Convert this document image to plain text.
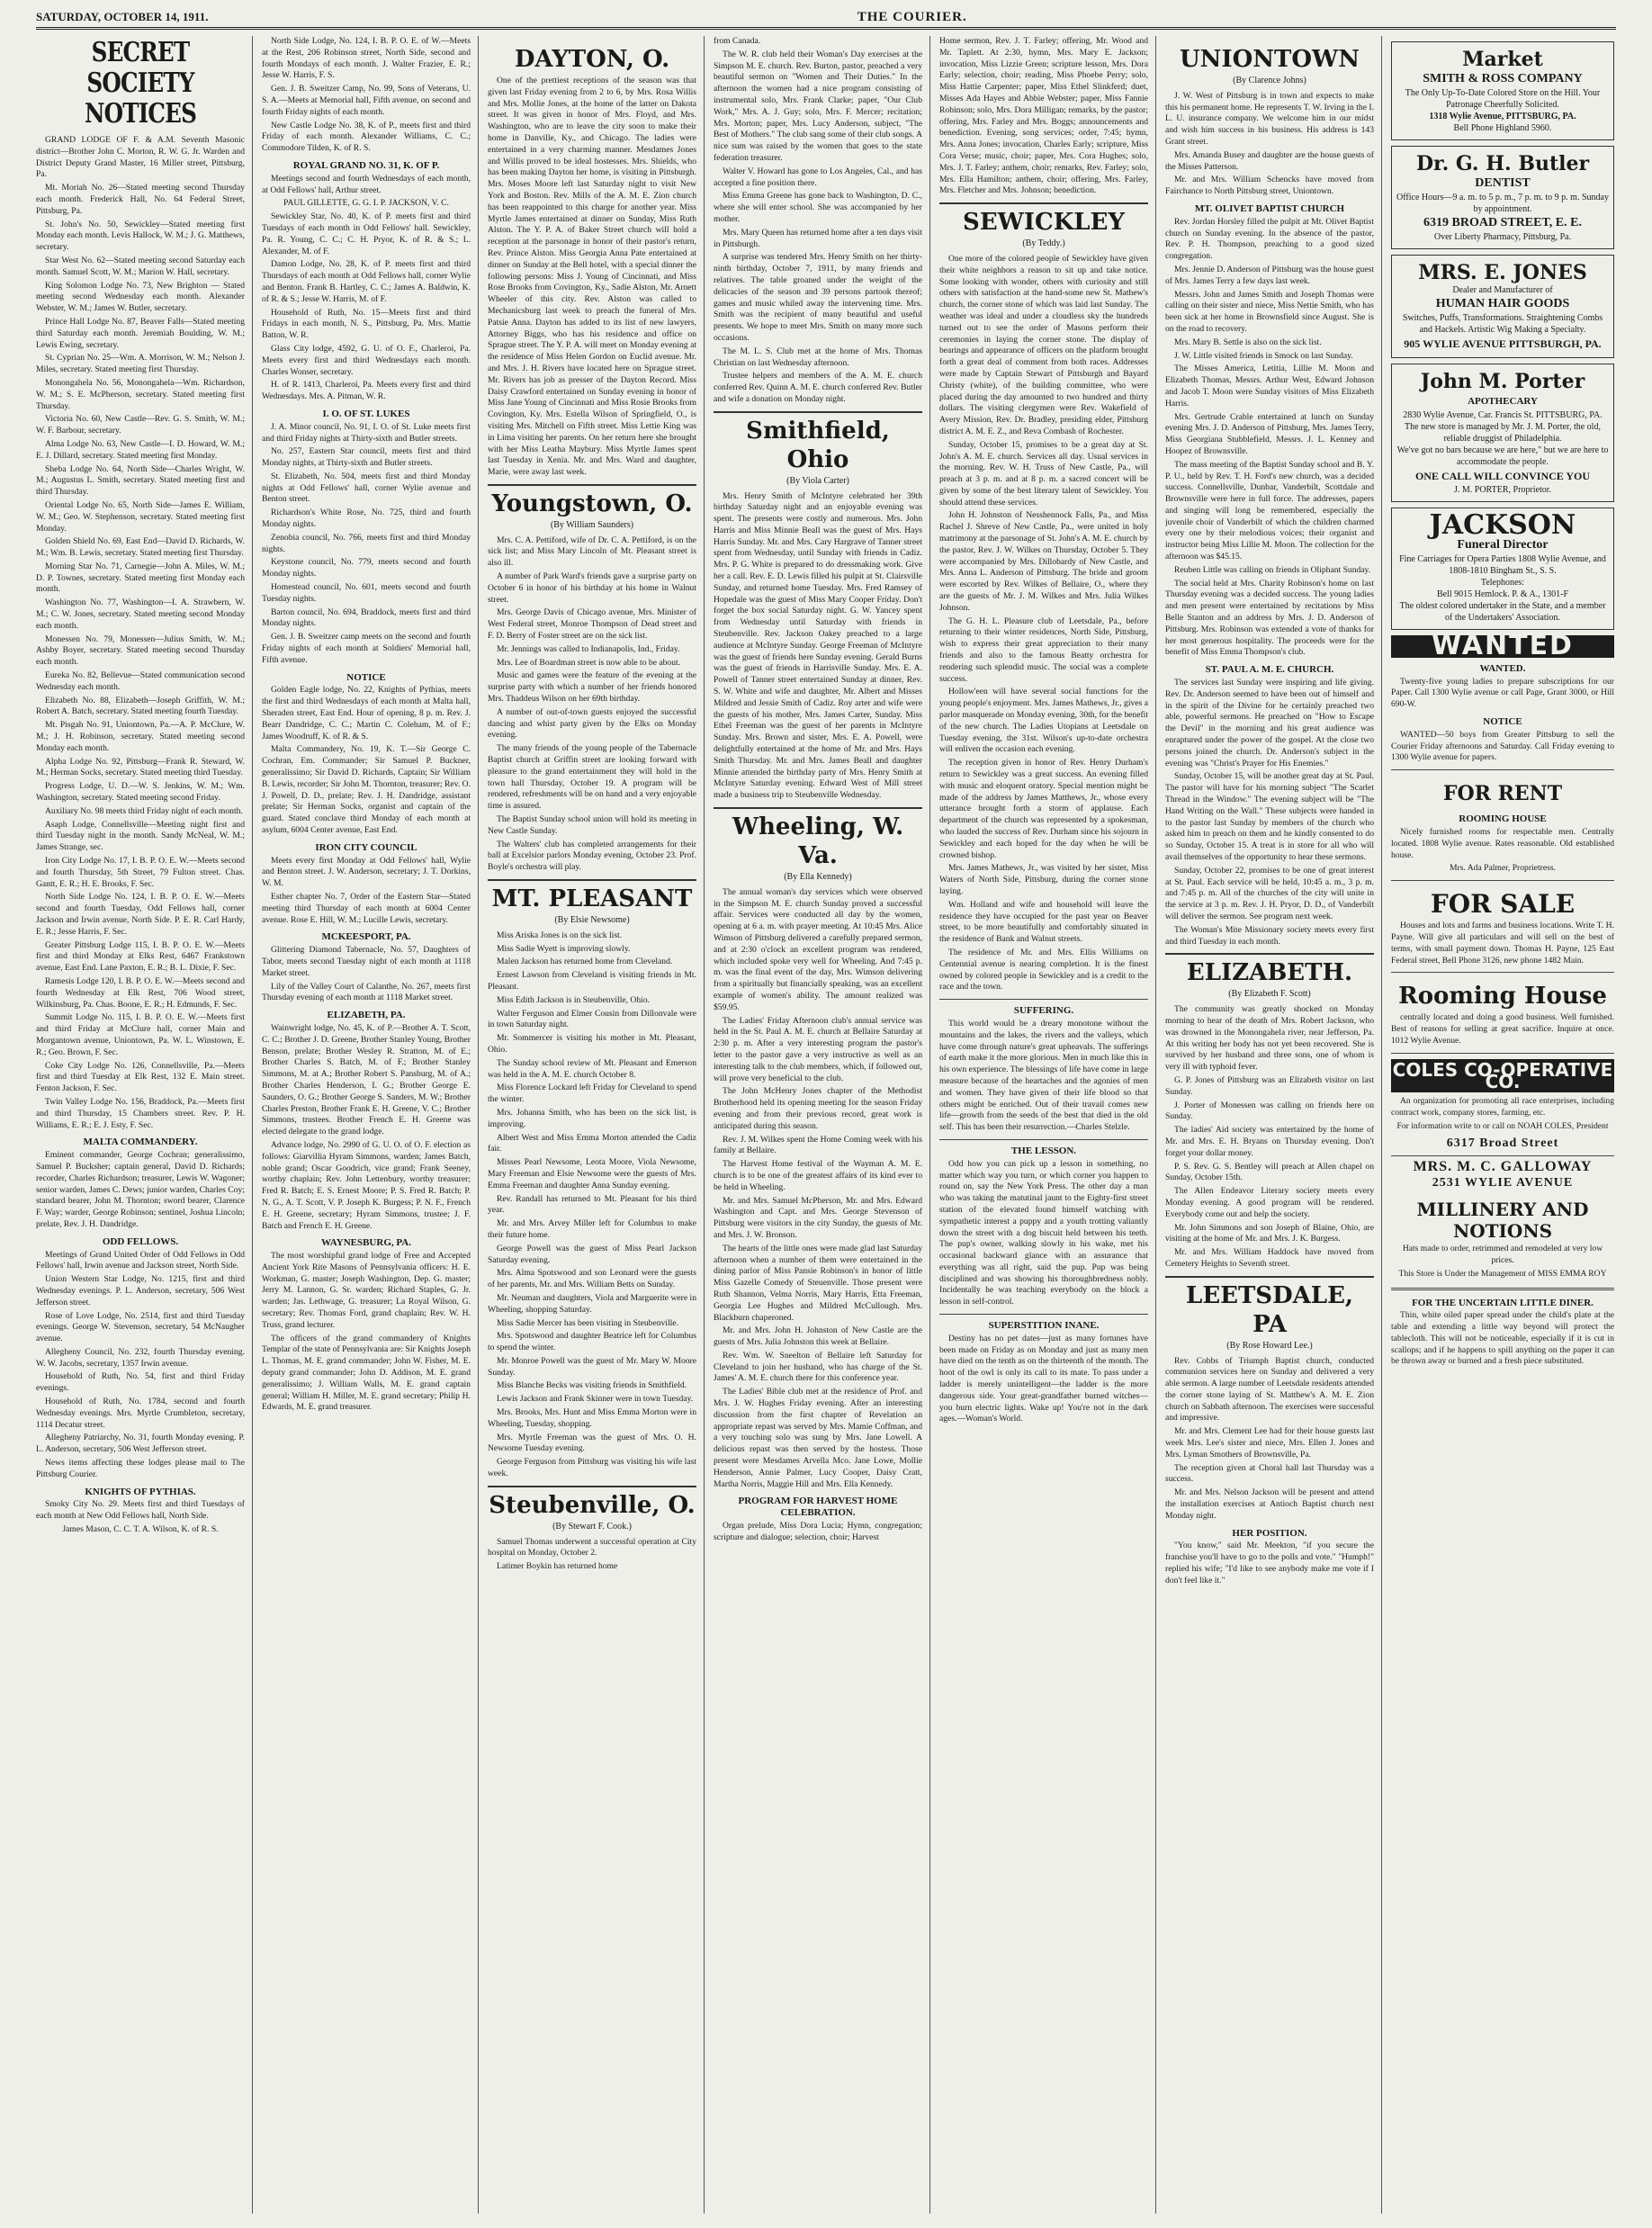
SATURDAY, OCTOBER 14, 1911.	THE COURIER.
SECRET SOCIETY NOTICES

GRAND LODGE OF F. & A.M. Seventh Masonic district—Brother John C. Morton, R. W. G. Jr. Warden and District Deputy Grand Master, 16 Miller street, Pittsburg, Pa.

Mt. Moriah No. 26—Stated meeting second Thursday each month. Frederick Hall, No. 64 Federal Street, Pittsburg, Pa.

St. John's No. 50, Sewickley—Stated meeting first Monday each month. Levis Hallock, W. M.; J. G. Matthews, secretary.

Star West No. 62—Stated meeting second Saturday each month. Samuel Scott, W. M.; Marion W. Hall, secretary.

King Solomon Lodge No. 73, New Brighton — Stated meeting second Wednesday each month. Alexander Webster, W. M.; James W. Butler, secretary.

Prince Hall Lodge No. 87, Beaver Falls—Stated meeting third Saturday each month. Jeremiah Boulding, W. M.; Lewis Ewing, secretary.

St. Cyprian No. 25—Wm. A. Morrison, W. M.; Nelson J. Miles, secretary. Stated meeting first Thursday.

Monongahela No. 56, Monongahela—Wm. Richardson, W. M.; S. E. McPherson, secretary. Stated meeting first Thursday.

Victoria No. 60, New Castle—Rev. G. S. Smith, W. M.; W. F. Barbour, secretary.

Alma Lodge No. 63, New Castle—I. D. Howard, W. M.; E. J. Dillard, secretary. Stated meeting first Monday.

Sheba Lodge No. 64, North Side—Charles Wright, W. M.; Augustus L. Smith, secretary. Stated meeting first and third Thursday.

Oriental Lodge No. 65, North Side—James E. William, W. M.; Geo. W. Stephenson, secretary. Stated meeting first Monday.

Golden Shield No. 69, East End—David D. Richards, W. M.; Wm. B. Lewis, secretary. Stated meeting first Thursday.

Morning Star No. 71, Carnegie—John A. Miles, W. M.; D. P. Townes, secretary. Stated meeting first Monday each month.

Washington No. 77, Washington—I. A. Strawbern, W. M.; C. W. Jones, secretary. Stated meeting second Monday each month.

Monessen No. 79, Monessen—Julius Smith, W. M.; Ashby Boyer, secretary. Stated meeting second Thursday each month.

Eureka No. 82, Bellevue—Stated communication second Wednesday each month.

Elizabeth No. 88, Elizabeth—Joseph Griffith, W. M.; Robert A. Batch, secretary. Stated meeting fourth Tuesday.

Mt. Pisgah No. 91, Uniontown, Pa.—A. P. McClure, W. M.; J. H. Robinson, secretary. Stated meeting second Monday each month.

Alpha Lodge No. 92, Pittsburg—Frank R. Steward, W. M.; Herman Socks, secretary. Stated meeting third Tuesday.

Progress Lodge, U. D.—W. S. Jenkins, W. M.; Wm. Washington, secretary. Stated meeting second Friday.

Auxiliary No. 98 meets third Friday night of each month.

Asaph Lodge, Connellsville—Meeting night first and third Tuesday night in the month. Sandy McNeal, W. M.; James Strange, sec.

Iron City Lodge No. 17, I. B. P. O. E. W.—Meets second and fourth Thursday, 5th Street, 79 Fulton street. Chas. Gantt, E. R.; H. E. Brooks, F. Sec.

North Side Lodge No. 124, I. B. P. O. E. W.—Meets second and fourth Tuesday, Odd Fellows hall, corner Jackson and Irwin avenue, North Side. P. E. R. Carl Hardy, E. R.; Jesse Harris, F. Sec.

Greater Pittsburg Lodge 115, I. B. P. O. E. W.—Meets first and third Monday at Elks Rest, 6467 Frankstown avenue, East End. Lane Paxton, E. R.; B. L. Dixie, F. Sec.

Ramesis Lodge 120, I. B. P. O. E. W.—Meets second and fourth Wednesday at Elk Rest, 706 Wood street, Wilkinsburg, Pa. Chas. Boone, E. R.; H. Edmunds, F. Sec.

Summit Lodge No. 115, I. B. P. O. E. W.—Meets first and third Friday at McClure hall, corner Main and Morgantown avenue, Uniontown, Pa. W. L. Winstown, E. R.; Geo. Brown, F. Sec.

Coke City Lodge No. 126, Connellsville, Pa.—Meets first and third Tuesday at Elk Rest, 132 E. Main street. Fenton Jackson, F. Sec.

Twin Valley Lodge No. 156, Braddock, Pa.—Meets first and third Thursday, 15 Chambers street. Rev. P. H. Williams, E. R.; E. J. Esty, F. Sec.

MALTA COMMANDERY.

Eminent commander, George Cochran; generalissimo, Samuel P. Bucksher; captain general, David D. Richards; recorder, Charles Richardson; treasurer, Lewis W. Wagoner; senior warden, James C. Dews; junior warden, Charles Coy; standard bearer, John M. Thornton; sword bearer, Clarence F. Way; warder, George Robinson; sentinel, Joshua Lincoln; prelate, Rev. J. H. Dandridge.

ODD FELLOWS.

Meetings of Grand United Order of Odd Fellows in Odd Fellows' hall, Irwin avenue and Jackson street, North Side.

Union Western Star Lodge, No. 1215, first and third Wednesday evenings. P. L. Anderson, secretary, 506 West Jefferson street.

Rose of Love Lodge, No. 2514, first and third Tuesday evenings. George W. Stevenson, secretary, 54 McNaugher avenue.

Allegheny Council, No. 232, fourth Thursday evening. W. W. Jacobs, secretary, 1357 Irwin avenue.

Household of Ruth, No. 54, first and third Friday evenings.

Household of Ruth, No. 1784, second and fourth Wednesday evenings. Mrs. Myrtle Crumbleton, secretary, 1114 Decatur street.

Allegheny Patriarchy, No. 31, fourth Monday evening. P. L. Anderson, secretary, 506 West Jefferson street.

News items affecting these lodges please mail to The Pittsburg Courier.

KNIGHTS OF PYTHIAS.

Smoky City No. 29. Meets first and third Tuesdays of each month at New Odd Fellows hall, North Side.

James Mason, C. C. T. A. Wilson, K. of R. S.

North Side Lodge, No. 124, I. B. P. O. E. of W.—Meets at the Rest, 206 Robinson street, North Side, second and fourth Mondays of each month. J. Walter Frazier, E. R.; Jesse W. Harris, F. S.

Gen. J. B. Sweitzer Camp, No. 99, Sons of Veterans, U. S. A.—Meets at Memorial hall, Fifth avenue, on second and fourth Friday nights of each month.

New Castle Lodge No. 38, K. of P., meets first and third Friday of each month. Alexander Williams, C. C.; Commodore Tilden, K. of R. S.

ROYAL GRAND NO. 31, K. OF P.

Meetings second and fourth Wednesdays of each month, at Odd Fellows' hall, Arthur street.

PAUL GILLETTE, G. G. I. P. JACKSON, V. C.

Sewickley Star, No. 40, K. of P. meets first and third Tuesdays of each month in Odd Fellows' hall. Sewickley, Pa. R. Young, C. C.; C. H. Pryor, K. of R. & S.; L. Alexander, M. of F.

Damon Lodge, No. 28, K. of P. meets first and third Thursdays of each month at Odd Fellows hall, corner Wylie and Benton. Frank B. Hartley, C. C.; James A. Baldwin, K. of R. & S.; Jesse W. Harris, M. of F.

Household of Ruth, No. 15—Meets first and third Fridays in each month, N. S., Pittsburg, Pa. Mrs. Mattie Batton, W. R.

Glass City lodge, 4592, G. U. of O. F., Charleroi, Pa. Meets every first and third Wednesdays each month. Charles Wonser, secretary.

H. of R. 1413, Charleroi, Pa. Meets every first and third Wednesdays. Mrs. A. Pitman, W. R.

I. O. OF ST. LUKES

J. A. Minor council, No. 91, I. O. of St. Luke meets first and third Friday nights at Thirty-sixth and Butler streets.

No. 257, Eastern Star council, meets first and third Monday nights, at Thirty-sixth and Butler streets.

St. Elizabeth, No. 504, meets first and third Monday nights at Odd Fellows' hall, corner Wylie avenue and Benton street.

Richardson's White Rose, No. 725, third and fourth Monday nights.

Zenobia council, No. 766, meets first and third Monday nights.

Keystone council, No. 779, meets second and fourth Monday nights.

Homestead council, No. 601, meets second and fourth Tuesday nights.

Barton council, No. 694, Braddock, meets first and third Monday nights.

Gen. J. B. Sweitzer camp meets on the second and fourth Friday nights of each month at Soldiers' Memorial hall, Fifth avenue.

NOTICE

Golden Eagle lodge, No. 22, Knights of Pythias, meets the first and third Wednesdays of each month at Malta hall, Sheraden street, East End. Hour of opening, 8 p. m. Rev. J. Bearr Dandridge, C. C.; Martin C. Coleham, M. of F.; James Woodruff, K. of R. & S.

Malta Commandery, No. 19, K. T.—Sir George C. Cochran, Em. Commander; Sir Samuel P. Buckner, generalissimo; Sir David D. Richards, Captain; Sir William B. Lewis, recorder; Sir John M. Thornton, treasurer; Rev. O. J. Powell, D. D., prelate; Rev. J. H. Dandridge, assistant prelate; Sir Herman Socks, organist and captain of the guard. Stated conclave third Monday of each month at asylum, 6004 Center avenue, East End.

IRON CITY COUNCIL

Meets every first Monday at Odd Fellows' hall, Wylie and Benton street. J. W. Anderson, secretary; J. T. Dorkins, W. M.

Esther chapter No. 7, Order of the Eastern Star—Stated meeting third Thursday of each month at 6004 Center avenue. Rose E. Hill, W. M.; Lucille Lewis, secretary.

MCKEESPORT, PA.

Glittering Diamond Tabernacle, No. 57, Daughters of Tabor, meets second Tuesday night of each month at 1118 Market street.

Lily of the Valley Court of Calanthe, No. 267, meets first Thursday evening of each month at 1118 Market street.

ELIZABETH, PA.

Wainwright lodge, No. 45, K. of P.—Brother A. T. Scott, C. C.; Brother J. D. Greene, Brother Stanley Young, Brother Benson, prelate; Brother Wesley R. Stratton, M. of E.; Brother Charles S. Batch, M. of F.; Brother Stanley Simmons, M. at A.; Brother Robert S. Pansburg, M. of A.; Brother Charles Henderson, I. G.; Brother George E. Saunders, O. G.; Brother George S. Sanders, M. W.; Brother Charles Preston, Brother Frank E. H. Greene, V. C.; Brother Simmons, trustees. Brother French E. H. Greene was elected delegate to the grand lodge.

Advance lodge, No. 2990 of G. U. O. of O. F. election as follows: Giarvillia Hyram Simmons, warden; James Batch, noble grand; Oscar Goodrich, vice grand; Frank Seeney, worthy chaplain; Rev. John Lettenbury, worthy treasurer; Fred R. Batch; E. S. Ernest Moore; P. S. Fred R. Batch; P. N. G., A. T. Scott, V. P. Joseph K. Burgess; P. N. F., French E. H. Greene, secretary; Hyram Simmons, trustee; J. F. Batch and French E. H. Greene.

WAYNESBURG, PA.

The most worshipful grand lodge of Free and Accepted Ancient York Rite Masons of Pennsylvania officers: H. E. Workman, G. master; Joseph Washington, Dep. G. master; Jerry M. Lannon, G. Sr. warden; Richard Staples, G. Jr. warden; Jas. Lethwage, G. treasurer; La Royal Wilson, G. secretary; Rev. Thomas Ford, grand chaplain; Rev. W. H. Truss, grand lecturer.

The officers of the grand commandery of Knights Templar of the state of Pennsylvania are: Sir Knights Joseph L. Thomas, M. E. grand commander; John W. Fisher, M. E. deputy grand commander; John D. Addison, M. E. grand generalissimo; J. William Walls, M. E. grand captain general; William H. Miller, M. E. grand secretary; Philip H. Edwards, M. E. grand treasurer.

DAYTON, O.

One of the prettiest receptions of the season was that given last Friday evening from 2 to 6, by Mrs. Rosa Willis and Mrs. Mollie Jones, at the home of the latter on Dakota street. It was given in honor of Mrs. Floyd, and Mrs. Washington, who are to leave the city soon to make their home in Danville, Ky., and Chicago. The ladies were entertained in a very charming manner. Mesdames Jones and Willis proved to be ideal hostesses. Mrs. Shields, who has been making Dayton her home, is visiting in Pittsburgh. Mrs. Moses Moore left last Saturday night to visit New York and Boston. Rev. Mills of the A. M. E. Zion church has been reappointed to this charge for another year. Miss Myrtle James entertained at dinner on Sunday, Miss Ruth Alston. The Y. P. A. of Baker Street church will hold a reception at the parsonage in honor of their pastor's return, Rev. Prince Alston. Miss Georgia Anna Pate entertained at dinner on Sunday at the Bell hotel, with a special dinner the following persons: Miss J. Young of Cincinnati, and Miss Rose Brooks from Covington, Ky., Sadie Alston, Mr. Arnett Wheeler of this city. Rev. Alston was called to Mechanicsburg last week to preach the funeral of Mrs. Patsie Anna. Dayton has added to its list of new lawyers, Attorney Biggs, who has his residence and office on Sprague street. The Y. P. A. will meet on Monday evening at the residence of Miss Helen Gordon on Euclid avenue. Mr. and Mrs. J. H. Rivers have located here on Sprague street. Mr. Rivers has job as presser of the Dayton Record. Miss Daisy Crawford entertained on Sunday evening in honor of Miss Jane Young of Cincinnati and Miss Rosie Brooks from Covington, Ky. Mrs. Estella Wilson of Springfield, O., is visiting Mrs. Mitchell on Fifth street. Miss Lettie King was in Lima visiting her parents. On her return here she brought with her Miss Leatha Maybury. Miss Myrtle James spent last Tuesday in Xenia. Mr. and Mrs. Ward and daughter, Marie, were away last week.

Youngstown, O.
(By William Saunders)

Mrs. C. A. Pettiford, wife of Dr. C. A. Pettiford, is on the sick list; and Miss Mary Lincoln of Mt. Pleasant street is also ill.

A number of Park Ward's friends gave a surprise party on October 6 in honor of his birthday at his home in Walnut street.

Mrs. George Davis of Chicago avenue, Mrs. Minister of West Federal street, Monroe Thompson of Dead street and F. D. Berry of Foster street are on the sick list.

Mr. Jennings was called to Indianapolis, Ind., Friday.

Mrs. Lee of Boardman street is now able to be about.

Music and games were the feature of the evening at the surprise party with which a number of her friends honored Mrs. Thaddeus Wilson on her 69th birthday.

A number of out-of-town guests enjoyed the successful dancing and whist party given by the Elks on Monday evening.

The many friends of the young people of the Tabernacle Baptist church at Griffin street are looking forward with pleasure to the grand entertainment they will hold in the town hall Thursday, October 19. A program will be rendered, refreshments will be on hand and a very enjoyable time is assured.

The Baptist Sunday school union will hold its meeting in New Castle Sunday.

The Walters' club has completed arrangements for their ball at Excelsior parlors Monday evening, October 23. Prof. Boyle's orchestra will play.

MT. PLEASANT
(By Elsie Newsome)

Miss Ariska Jones is on the sick list.

Miss Sadie Wyett is improving slowly.

Malen Jackson has returned home from Cleveland.

Ernest Lawson from Cleveland is visiting friends in Mt. Pleasant.

Miss Edith Jackson is in Steubenville, Ohio.

Walter Ferguson and Elmer Cousin from Dillonvale were in town Saturday night.

Mr. Sommercer is visiting his mother in Mt. Pleasant, Ohio.

The Sunday school review of Mt. Pleasant and Emerson was held in the A. M. E. church October 8.

Miss Florence Lockard left Friday for Cleveland to spend the winter.

Mrs. Johanna Smith, who has been on the sick list, is improving.

Albert West and Miss Emma Morton attended the Cadiz fair.

Misses Pearl Newsome, Leota Moore, Viola Newsome, Mary Freeman and Elsie Newsome were the guests of Mrs. Emma Freeman and daughter Anna Sunday evening.

Rev. Randall has returned to Mt. Pleasant for his third year.

Mr. and Mrs. Arvey Miller left for Columbus to make their future home.

George Powell was the guest of Miss Pearl Jackson Saturday evening.

Mrs. Alma Spotswood and son Leonard were the guests of her parents, Mr. and Mrs. William Betts on Sunday.

Mr. Neuman and daughters, Viola and Marguerite were in Wheeling, shopping Saturday.

Miss Sadie Mercer has been visiting in Steubenville.

Mrs. Spotswood and daughter Beatrice left for Columbus to spend the winter.

Mr. Monroe Powell was the guest of Mr. Mary W. Moore Sunday.

Miss Blanche Becks was visiting friends in Smithfield.

Lewis Jackson and Frank Skinner were in town Tuesday.

Mrs. Brooks, Mrs. Hunt and Miss Emma Morton were in Wheeling, Tuesday, shopping.

Mrs. Myrtle Freeman was the guest of Mrs. O. H. Newsome Tuesday evening.

George Ferguson from Pittsburg was visiting his wife last week.

Steubenville, O.
(By Stewart F. Cook.)

Samuel Thomas underwent a successful operation at City hospital on Monday, October 2.

Latimer Boykin has returned home

from Canada.

The W. R. club held their Woman's Day exercises at the Simpson M. E. church. Rev. Burton, pastor, preached a very beautiful sermon on "Women and Their Duties." In the afternoon the women had a nice program consisting of instrumental solo, Mrs. Frank Clarke; paper, "Our Club Work," Mrs. A. J. Guy; solo, Mrs. F. Mercer; recitation; Mrs. Morton; paper, Mrs. Lucy Anderson, subject, "The Best of Mothers." The club sang some of their club songs. A nice sum was raised by the women that goes to the state federation treasurer.

Walter V. Howard has gone to Los Angeles, Cal., and has accepted a fine position there.

Miss Emma Greene has gone back to Washington, D. C., where she will enter school. She was accompanied by her mother.

Mrs. Mary Queen has returned home after a ten days visit in Pittsburgh.

A surprise was tendered Mrs. Henry Smith on her thirty-ninth birthday, October 7, 1911, by many friends and relatives. The table groaned under the weight of the delicacies of the season and 39 persons partook thereof; games and music whiled away the intervening time. Mrs. Smith was the recipient of many beautiful and useful presents. We hope to meet Mrs. Smith on many more such occasions.

The M. L. S. Club met at the home of Mrs. Thomas Christian on last Wednesday afternoon.

Trustee helpers and members of the A. M. E. church conferred Rev. Quinn A. M. E. church conferred Rev. Butler and wife a donation on Monday night.

Smithfield, Ohio
(By Viola Carter)

Mrs. Henry Smith of McIntyre celebrated her 39th birthday Saturday night and an enjoyable evening was spent. The presents were costly and numerous. Mrs. John Harris and Miss Minnie Beall was the guest of Mrs. Hays Harris Sunday. Mr. and Mrs. Cary Hargrave of Tanner street spent from Wednesday, until Sunday with friends in Cadiz. Mrs. P. G. White is prepared to do dressmaking work. Give her a call. Rev. E. D. Lewis filled his pulpit at St. Clairsville Sunday, and returned home Tuesday. Mrs. Fred Ramsey of Hopedale was the guest of Miss Mary Cooper Friday. Don't forget the box social Saturday night. G. W. Yancey spent from Wednesday until Saturday with friends in Steubenville. Rev. Jackson Oakey preached to a large audience at McIntyre Sunday. George Freeman of McIntyre was the guest of friends here Sunday evening. Gerald Burns was the guest of friends in Harrisville Sunday. Mrs. E. A. Powell of Tanner street entertained Sunday at dinner, Rev. S. W. White and wife and daughter, Mr. Albert and Misses Mildred and Jessie Smith of Cadiz. Roy arter and wife were the guests of his mother, Mrs. James Carter, Sunday. Miss Ethel Freeman was the guest of her parents in McIntyre Sunday. Mrs. Brown and sister, Mrs. E. A. Powell, were delightfully entertained at the home of Mr. and Mrs. Hays Smith Thursday. Mr. and Mrs. James Beall and daughter Minnie attended the birthday party of Mrs. Henry Smith at McIntyre Saturday evening. Edward West of Mill street made a business trip to Steubenville Wednesday.

Wheeling, W. Va.
(By Ella Kennedy)

The annual woman's day services which were observed in the Simpson M. E. church Sunday proved a successful affair. Services were conducted all day by the women, opening at 6 a. m. with prayer meeting. At 10:45 Mrs. Alice Wimson of Pittsburg delivered a carefully prepared sermon, and at 2:30 o'clock an excellent program was rendered, which included spoke very well for Wheeling. And 7:45 p. m. was the final event of the day, Mrs. Wimson delivering from a spiritually but financially speaking, was an excellent example of women's ability. The amount realized was $59.95.

The Ladies' Friday Afternoon club's annual service was held in the St. Paul A. M. E. church at Bellaire Saturday at 2:30 p. m. After a very interesting program the pastor's letter to the pastor gave a very instructive as well as an interesting talk to the club members, which, if followed out, will prove very beneficial to the club.

The John McHenry Jones chapter of the Methodist Brotherhood held its opening meeting for the season Friday evening and from their previous record, great work is anticipated during this season.

Rev. J. M. Wilkes spent the Home Coming week with his family at Bellaire.

The Harvest Home festival of the Wayman A. M. E. church is to be one of the greatest affairs of its kind ever to be held in Wheeling.

Mr. and Mrs. Samuel McPherson, Mr. and Mrs. Edward Washington and Capt. and Mrs. George Stevenson of Pittsburg were visitors in the city Sunday, the guests of Mr. and Mrs. J. W. Bronson.

The hearts of the little ones were made glad last Saturday afternoon when a number of them were entertained in the dining parlor of Miss Pansie Robinson's in honor of little Miss Gazelle Comedy of Steuenville. Those present were Ruth Shannon, Velma Norris, Mary Harris, Etta Freeman, Georgia Lee Hughes and Mildred McCullough. Mrs. Blackburn chaperoned.

Mr. and Mrs. John H. Johnston of New Castle are the guests of Mrs. Julia Johnston this week at Bellaire.

Rev. Wm. W. Sneelton of Bellaire left Saturday for Cleveland to join her husband, who has charge of the St. James' A. M. E. church there for this conference year.

The Ladies' Bible club met at the residence of Prof. and Mrs. J. W. Hughes Friday evening. After an interesting discussion from the first chapter of Revelation an appropriate repast was served by Mrs. Mamie Coffman, and a very touching solo was sung by Mrs. Jane Lowell. A delicious repast was then served by the hostess. Those present were Mesdames Arvella Mco. Jane Lowe, Mollie Henderson, Annie Palmer, Lucy Cooper, Daisy Cratt, Martha Norris, Maggie Hill and Mrs. Ella Kennedy.

PROGRAM FOR HARVEST HOME CELEBRATION.

Organ prelude, Miss Dora Lucia; Hymn, congregation; scripture and dialogue; selection, choir; Harvest

Home sermon, Rev. J. T. Farley; offering, Mr. Wood and Mr. Taplett. At 2:30, hymn, Mrs. Mary E. Jackson; invocation, Miss Lizzie Green; scripture lesson, Mrs. Dora Early; selection, choir; reading, Miss Phoebe Perry; solo, Miss Hattie Carpenter; paper, Miss Ethel Slinkferd; duet, Misses Ada Hayes and Abbie Webster; paper, Miss Fannie Robinson; solo, Mrs. Dora Milligan; remarks, by the pastor; offering, Mrs. Farley and Mrs. Boggs; announcements and benediction. Evening, song services; order, 7:45; hymn, Mrs. Anna Jones; invocation, Charles Early; scripture, Miss Cora Verse; music, choir; paper, Mrs. Cora Hughes; solo, Mrs. J. T. Farley; anthem, choir; remarks, Rev. Farley; solo, Mrs. Ella Hamilton; anthem, choir; offering, Mrs. Farley, Mrs. Fletcher and Mrs. Johnson; benediction.

SEWICKLEY
(By Teddy.)

One more of the colored people of Sewickley have given their white neighbors a reason to sit up and take notice. Some looking with wonder, others with curiosity and still others with satisfaction at the hand-some new St. Mathew's church, the corner stone of which was laid last Sunday. The weather was ideal and under a cloudless sky the hundreds turned out to see the order of Masons perform their ceremonies in laying the corner stone. The display of bearings and appearance of officers on the platform brought forth a great deal of comment from both races. Addresses were made by Captain Stewart of Pittsburgh and Bayard Christy (white), of the building committee, who were placed during the day amounted to two hundred and thirty dollars. The visiting clergymen were Rev. Wakefield of Avery Mission, Rev. Dr. Bradley, presiding elder, Pittsburg district A. M. E. Z., and Reva Combash of Rochester.

Sunday, October 15, promises to be a great day at St. John's A. M. E. church. Services all day. Usual services in the morning. Rev. W. H. Truss of New Castle, Pa., will preach at 3 p. m. and at 8 p. m. a sacred concert will be given by some of the best literary talent of Sewickley. You should attend these services.

John H. Johnston of Nesshennock Falls, Pa., and Miss Rachel J. Shreve of New Castle, Pa., were united in holy matrimony at the parsonage of St. John's A. M. E. church by the pastor, Rev. J. W. Wilkes on Thursday, October 5. They were accompanied by Mrs. Dillobardy of New Castle, and Mrs. Anna L. Anderson of Pittsburg. The bride and groom were escorted by Rev. Wilkes of Bellaire, O., where they are the guests of Mr. J. M. Wilkes and Mrs. Julia Wilkes Johnson.

The G. H. L. Pleasure club of Leetsdale, Pa., before returning to their winter residences, North Side, Pittsburg, wish to express their great appreciation to their many friends and also to the famous Beatty orchestra for rendering such splendid music. The social was a complete success.

Hollow'een will have several social functions for the young people's enjoyment. Mrs. James Mathews, Jr., gives a parlor masquerade on Monday evening, 30th, for the benefit of the new church. The Ladies Utopians at Leetsdale on Tuesday evening, the 31st. Wilson's up-to-date orchestra will enliven the occasion each evening.

The reception given in honor of Rev. Henry Durham's return to Sewickley was a great success. An evening filled with music and eloquent oratory. Special mention might be made of the address by James Matthews, Jr., whose every utterance brought forth a storm of applause. Each department of the church was represented by a spokesman, who lauded the success of Rev. Durham since his sojourn in Sewickley and each hoped for the day when he will be crowned bishop.

Mrs. James Mathews, Jr., was visited by her sister, Miss Waters of North Side, Pittsburg, during the corner stone laying.

Wm. Holland and wife and household will leave the residence they have occupied for the past year on Beaver street, to be more beautifully and comfortably situated in the residence of Bank and Walnut streets.

The residence of Mr. and Mrs. Ellis Williams on Centennial avenue is nearing completion. It is the finest owned by colored people in Sewickley and is a credit to the race and the town.

SUFFERING.

This world would be a dreary monotone without the mountains and the lakes, the rivers and the valleys, which have come through nature's great upheavals. The sufferings of earth make it the more glorious. Men in much like this in his own experience. The blessings of life have come in large measure because of the heartaches and the agonies of men and women. They have given of their life blood so that others might be enriched. Out of their travail comes new life—growth from the seeds of the best that died in the old self. This has been their resurrection.—Charles Stelzle.

THE LESSON.

Odd how you can pick up a lesson in something, no matter which way you turn, or which corner you happen to round on, say the New York Press. The other day a man who was taking the matutinal jaunt to the Eighty-first street station of the elevated found himself watching with sympathetic interest a puppy and a youth trotting valiantly down the street with a dog biscuit held between his teeth. The pup's owner, walking slowly in his wake, met his occasional backward glance with an assurance that everything was all right, said the pup. Pup was being disciplined and was showing his thoroughbredness nobly. Incidentally he was teaching everybody on the block a lesson in self-control.

SUPERSTITION INANE.

Destiny has no pet dates—just as many fortunes have been made on Friday as on Monday and just as many men have died on the tenth as on the thirteenth of the month. The hoot of the owl is only its call to its mate. To pass under a ladder is merely unintelligent—the ladder is the more dangerous side. Your great-grandfather burned witches—you burn electric lights. Wake up! You're not in the dark ages.—Woman's World.

UNIONTOWN
(By Clarence Johns)

J. W. West of Pittsburg is in town and expects to make this his permanent home. He represents T. W. Irving in the I. L. U. insurance company. We welcome him in our midst and wish him success in his business. His address is 143 Grant street.

Mrs. Amanda Busey and daughter are the house guests of the Misses Patterson.

Mr. and Mrs. William Schencks have moved from Fairchance to North Pittsburg street, Uniontown.

MT. OLIVET BAPTIST CHURCH

Rev. Jordan Horsley filled the pulpit at Mt. Olivet Baptist church on Sunday evening. In the absence of the pastor, Rev. P. H. Thompson, preaching to a good sized congregation.

Mrs. Jennie D. Anderson of Pittsburg was the house guest of Mrs. James Terry a few days last week.

Messrs. John and James Smith and Joseph Thomas were calling on their sister and niece, Miss Nettie Smith, who has been sick at her home in Brownsfield since August. She is on the road to recovery.

Mrs. Mary B. Settle is also on the sick list.

J. W. Little visited friends in Smock on last Sunday.

The Misses America, Letitia, Lillie M. Moon and Elizabeth Thomas, Messrs. Arthur West, Edward Johnson and Jacob T. Moon were Sunday visitors of Miss Elizabeth Harris.

Mrs. Gertrude Crable entertained at lunch on Sunday evening Mrs. J. D. Anderson of Pittsburg, Mrs. James Terry, Miss Georgiana Stubblefield, Messrs. J. L. Kenney and Hoopez of Brownsville.

The mass meeting of the Baptist Sunday school and B. Y. P. U., held by Rev. T. H. Ford's new church, was a decided success. Connellsville, Dunbar, Vanderbilt, Scottdale and Brownsville were here in full force. The addresses, papers and singing will long be remembered, especially the juvenile choir of Vanderbilt of which the children charmed every one by their melodious voices; their organist and instructor being Miss Lillie M. Moon. The collection for the afternoon was $45.15.

Reuben Little was calling on friends in Oliphant Sunday.

The social held at Mrs. Charity Robinson's home on last Thursday evening was a decided success. The young ladies and men present were entertained by recitations by Miss Belle Stanton and an address by Mrs. J. D. Anderson of Pittsburg. Mrs. Robinson was extended a vote of thanks for her most generous hospitality. The proceeds were for the benefit of Miss Emma Thompson's club.

ST. PAUL A. M. E. CHURCH.

The services last Sunday were inspiring and life giving. Rev. Dr. Anderson seemed to have been out of himself and in the spirit of the Divine for he certainly preached two able, powerful sermons. He preached on "How to Escape the Devil" in the morning and his great audience was enraptured under the power of the gospel. At the close two persons joined the church. Dr. Anderson's subject in the evening was "Christ's Prayer for His Enemies."

Sunday, October 15, will be another great day at St. Paul. The pastor will have for his morning subject "The Scarlet Thread in the Window." The evening subject will be "The Hand Writing on the Wall." These subjects were handed in to the pastor last Sunday by members of the church who asked him to preach on them and he kindly consented to do so Sunday, October 15. A treat is in store for all who will avail themselves of the opportunity to hear these sermons.

Sunday, October 22, promises to be one of great interest at St. Paul. Each service will be held, 10:45 a. m., 3 p. m. and 7:45 p. m. All of the churches of the city will unite in the service at 3 p. m. Rev. J. H. Pryor, D. D., of Vanderbilt will deliver the sermon. See program next week.

The Woman's Mite Missionary society meets every first and third Tuesday in each month.

ELIZABETH.
(By Elizabeth F. Scott)

The community was greatly shocked on Monday morning to hear of the death of Mrs. Robert Jackson, who was drowned in the Monongahela river, near Jefferson, Pa. At this writing her body has not yet been recovered. She is survived by her husband and three sons, one of whom is very ill with typhoid fever.

G. P. Jones of Pittsburg was an Elizabeth visitor on last Sunday.

J. Porter of Monessen was calling on friends here on Sunday.

The ladies' Aid society was entertained by the home of Mr. and Mrs. E. H. Bryans on Thursday evening. Don't forget your dollar money.

P. S. Rev. G. S. Bentley will preach at Allen chapel on Sunday, October 15th.

The Allen Endeavor Literary society meets every Monday evening. A good program will be rendered. Everybody come out and help the society.

Mr. John Simmons and son Joseph of Blaine, Ohio, are visiting at the home of Mr. and Mrs. J. K. Burgess.

Mr. and Mrs. William Haddock have moved from Cemetery Heights to Seventh street.

LEETSDALE, PA
(By Rose Howard Lee.)

Rev. Cobbs of Triumph Baptist church, conducted communion services here on Sunday and delivered a very able sermon. A large number of Leetsdale residents attended the corner stone laying of St. Matthew's A. M. E. Zion church on Sabbath afternoon. The exercises were successful and impressive.

Mr. and Mrs. Clement Lee had for their house guests last week Mrs. Lee's sister and niece, Mrs. Ellen J. Jones and Mrs. Lyman Smothers of Brownsville, Pa.

The reception given at Choral hall last Thursday was a success.

Mr. and Mrs. Nelson Jackson will be present and attend the installation exercises at Antioch Baptist church next Monday night.

HER POSITION.

"You know," said Mr. Meekton, "if you secure the franchise you'll have to go to the polls and vote." "Humph!" replied his wife; "I'd like to see anybody make me vote if I don't feel like it."

Market
SMITH & ROSS COMPANY
The Only Up-To-Date Colored Store on the Hill. Your Patronage Cheerfully Solicited.
1318 Wylie Avenue, PITTSBURG, PA.
Bell Phone Highland 5960.
Dr. G. H. Butler
DENTIST
Office Hours—9 a. m. to 5 p. m., 7 p. m. to 9 p. m. Sunday by appointment.
6319 BROAD STREET, E. E.
Over Liberty Pharmacy, Pittsburg, Pa.
MRS. E. JONES
Dealer and Manufacturer of
HUMAN HAIR GOODS
Switches, Puffs, Transformations. Straightening Combs and Hackels. Artistic Wig Making a Specialty.
905 WYLIE AVENUE PITTSBURGH, PA.
John M. Porter
APOTHECARY
2830 Wylie Avenue, Car. Francis St. PITTSBURG, PA.
The new store is managed by Mr. J. M. Porter, the old, reliable druggist of Philadelphia.
We've got no bars because we are here," but we are here to accommodate the people.
ONE CALL WILL CONVINCE YOU
J. M. PORTER, Proprietor.
JACKSON
Funeral Director
Fine Carriages for Opera Parties 1808 Wylie Avenue, and 1808-1810 Bingham St., S. S.
Telephones:
Bell 9015 Hemlock. P. & A., 1301-F
The oldest colored undertaker in the State, and a member of the Undertakers' Association.
WANTED
WANTED.

Twenty-five young ladies to prepare subscriptions for our Paper. Call 1300 Wylie avenue or call Page, Grant 3000, or Hill 690-W.

NOTICE

WANTED—50 boys from Greater Pittsburg to sell the Courier Friday afternoons and Saturday. Call Friday evening to 1300 Wylie avenue for papers.

FOR RENT
ROOMING HOUSE

Nicely furnished rooms for respectable men. Centrally located. 1808 Wylie avenue. Rates reasonable. Old established house.

Mrs. Ada Palmer, Proprietress.

FOR SALE

Houses and lots and farms and business locations. Write T. H. Payne. Will give all particulars and will sell on the best of terms, with small payment down. Thomas H. Payne, 125 East Federal street, Bell Phone 3126, new phone 1482 Main.

Rooming House

centrally located and doing a good business. Well furnished. Best of reasons for selling at great sacrifice. Inquire at once. 1012 Wylie Avenue.

COLES CO-OPERATIVE CO.

An organization for promoting all race enterprises, including contract work, company stores, farming, etc.

For information write to or call on NOAH COLES, President

6317 Broad Street
MRS. M. C. GALLOWAY
2531 WYLIE AVENUE
MILLINERY AND NOTIONS

Hats made to order, retrimmed and remodeled at very low prices.

This Store is Under the Management of MISS EMMA ROY

FOR THE UNCERTAIN LITTLE DINER.

Thin, white oiled paper spread under the child's plate at the table and extending a little way beyond will protect the tablecloth. This will not be noticeable, especially if it is cut in scallops; and if he happens to spill anything on the paper it can be thrown away or burned and a fresh piece substituted.
